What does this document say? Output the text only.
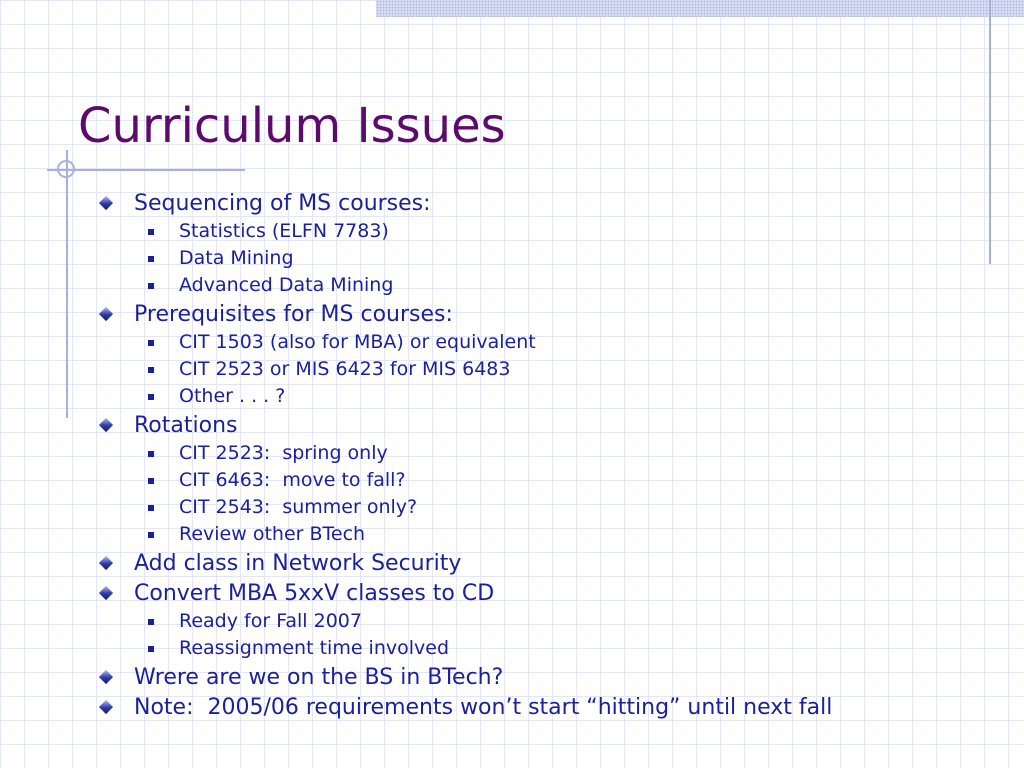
Curriculum Issues
Sequencing of MS courses:
Statistics (ELFN 7783)
Data Mining
Advanced Data Mining
Prerequisites for MS courses:
CIT 1503 (also for MBA) or equivalent
CIT 2523 or MIS 6423 for MIS 6483
Other . . . ?
Rotations
CIT 2523:  spring only
CIT 6463:  move to fall?
CIT 2543:  summer only?
Review other BTech
Add class in Network Security
Convert MBA 5xxV classes to CD
Ready for Fall 2007
Reassignment time involved
Wrere are we on the BS in BTech?
Note:  2005/06 requirements won’t start “hitting” until next fall
